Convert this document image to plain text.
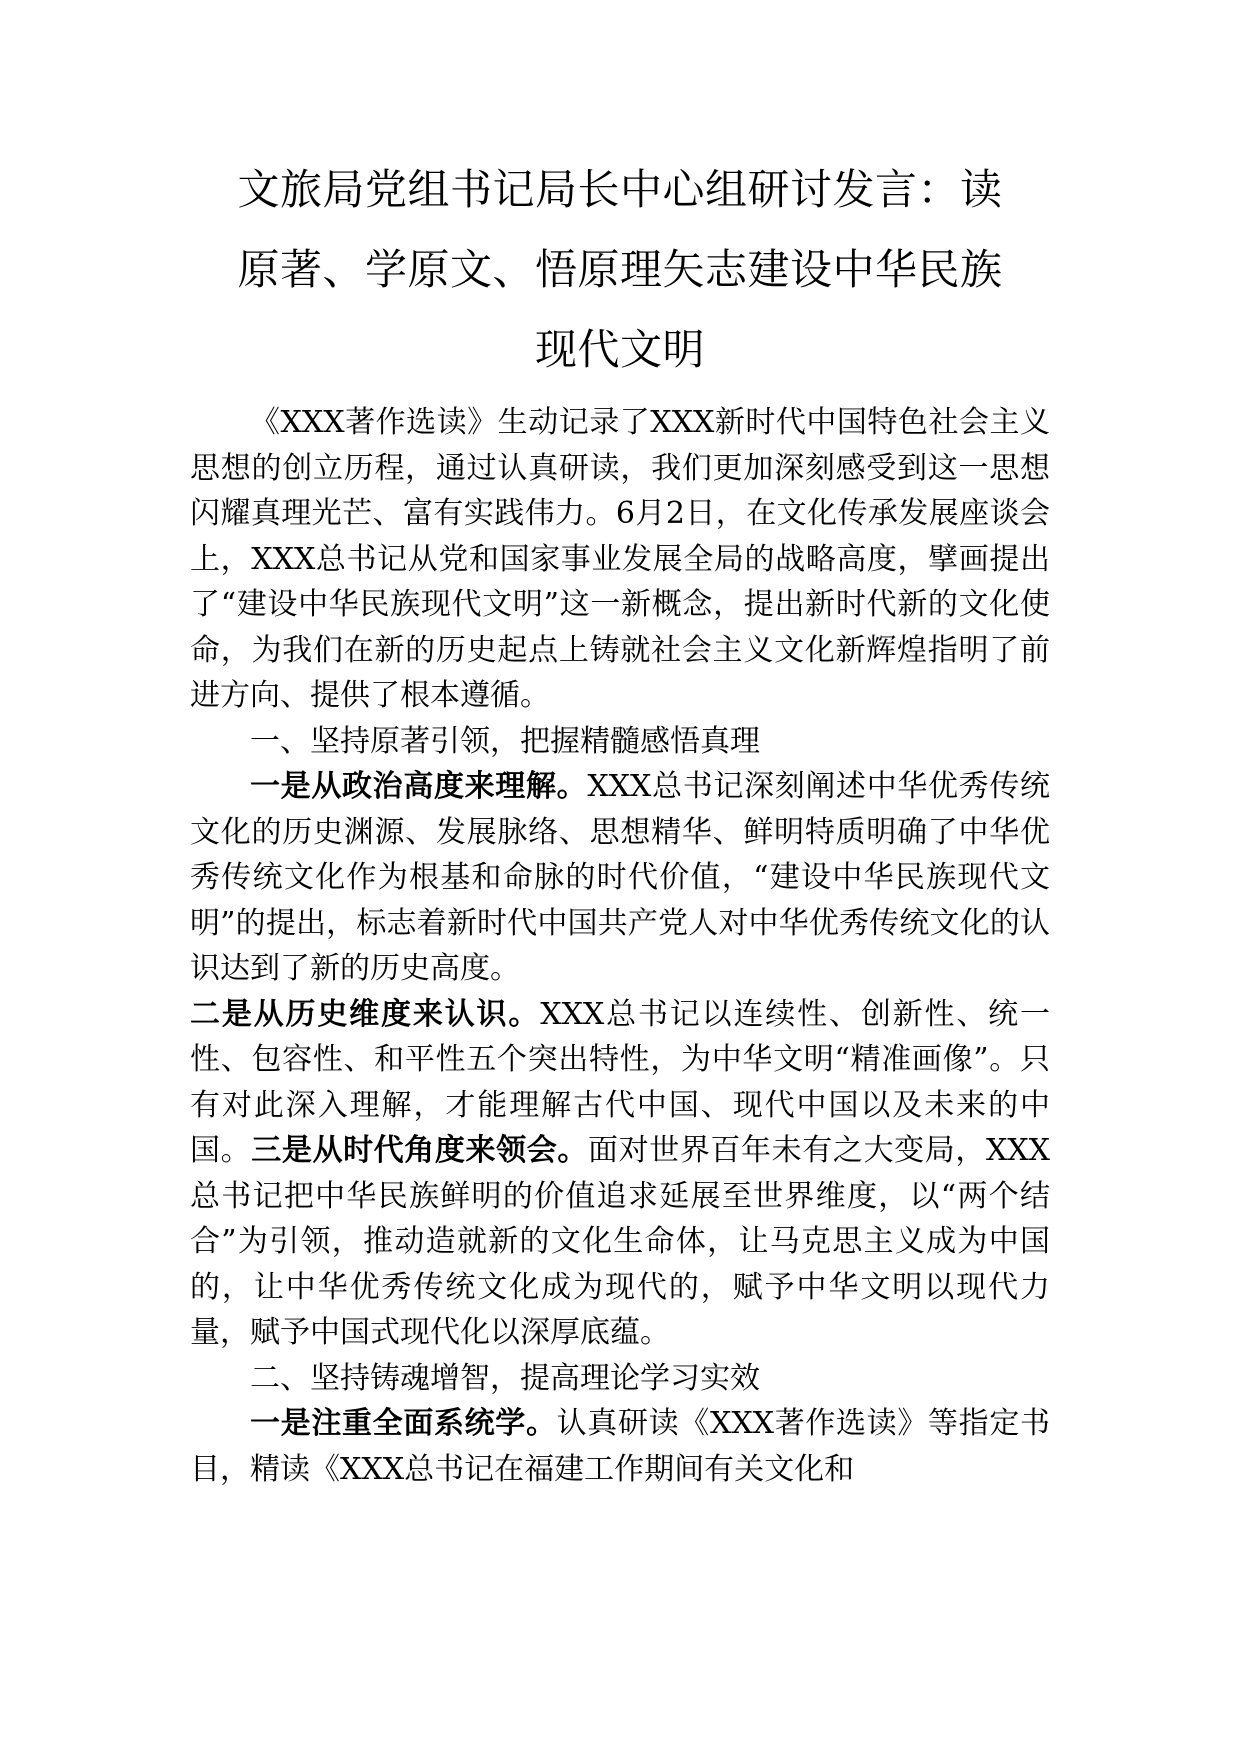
文旅局党组书记局长中心组研讨发言：读
原著、学原文、悟原理矢志建设中华民族
现代文明

《XXX著作选读》生动记录了XXX新时代中国特色社会主义思想的创立历程，通过认真研读，我们更加深刻感受到这一思想闪耀真理光芒、富有实践伟力。6月2日，在文化传承发展座谈会上，XXX总书记从党和国家事业发展全局的战略高度，擘画提出了“建设中华民族现代文明”这一新概念，提出新时代新的文化使命，为我们在新的历史起点上铸就社会主义文化新辉煌指明了前进方向、提供了根本遵循。

一、坚持原著引领，把握精髓感悟真理

一是从政治高度来理解。XXX总书记深刻阐述中华优秀传统文化的历史渊源、发展脉络、思想精华、鲜明特质明确了中华优秀传统文化作为根基和命脉的时代价值，“建设中华民族现代文明”的提出，标志着新时代中国共产党人对中华优秀传统文化的认识达到了新的历史高度。

二是从历史维度来认识。XXX总书记以连续性、创新性、统一性、包容性、和平性五个突出特性，为中华文明“精准画像”。只有对此深入理解，才能理解古代中国、现代中国以及未来的中国。三是从时代角度来领会。面对世界百年未有之大变局，XXX总书记把中华民族鲜明的价值追求延展至世界维度，以“两个结合”为引领，推动造就新的文化生命体，让马克思主义成为中国的，让中华优秀传统文化成为现代的，赋予中华文明以现代力量，赋予中国式现代化以深厚底蕴。

二、坚持铸魂增智，提高理论学习实效

一是注重全面系统学。认真研读《XXX著作选读》等指定书目，精读《XXX总书记在福建工作期间有关文化和
